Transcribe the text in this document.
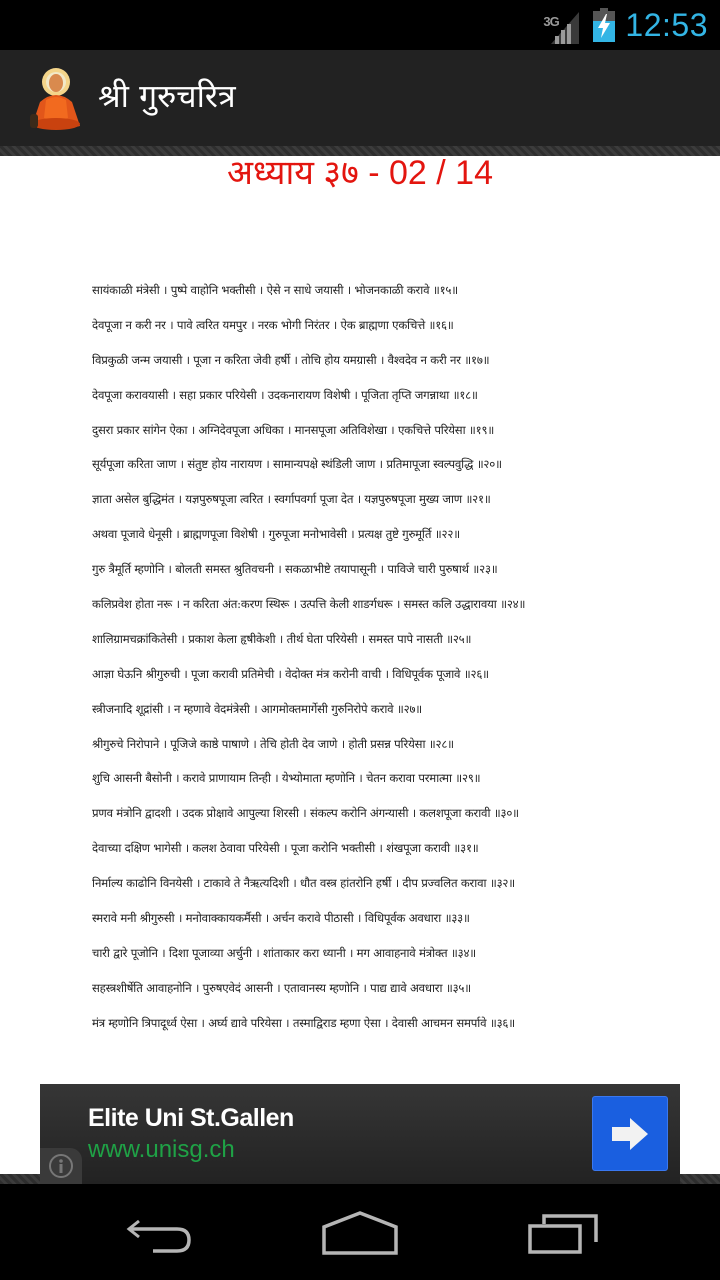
3G 12:53
श्री गुरुचरित्र
अध्याय ३७ - 02 / 14
सायंकाळी मंत्रेसी । पुष्पे वाहोनि भक्तीसी । ऐसे न साधे जयासी । भोजनकाळी करावे ॥१५॥
देवपूजा न करी नर । पावे त्वरित यमपुर । नरक भोगी निरंतर । ऐक ब्राह्मणा एकचित्ते ॥१६॥
विप्रकुळी जन्म जयासी । पूजा न करिता जेवी हर्षी । तोचि होय यमग्रासी । वैश्वदेव न करी नर ॥१७॥
देवपूजा करावयासी । सहा प्रकार परियेसी । उदकनारायण विशेषी । पूजिता तृप्ति जगन्नाथा ॥१८॥
दुसरा प्रकार सांगेन ऐका । अग्निदेवपूजा अधिका । मानसपूजा अतिविशेखा । एकचित्ते परियेसा ॥१९॥
सूर्यपूजा करिता जाण । संतुष्ट होय नारायण । सामान्यपक्षे स्थंडिली जाण । प्रतिमापूजा स्वल्पवुद्धि ॥२०॥
ज्ञाता असेल बुद्धिमंत । यज्ञपुरुषपूजा त्वरित । स्वर्गापवर्गा पूजा देत । यज्ञपुरुषपूजा मुख्य जाण ॥२१॥
अथवा पूजावे धेनूसी । ब्राह्मणपूजा विशेषी । गुरुपूजा मनोभावेसी । प्रत्यक्ष तुष्टे गुरुमूर्ति ॥२२॥
गुरु त्रैमूर्ति म्हणोनि । बोलती समस्त श्रुतिवचनी । सकळाभीष्टे तयापासूनी । पाविजे चारी पुरुषार्थ ॥२३॥
कलिप्रवेश होता नरू । न करिता अंत:करण स्थिरू । उत्पत्ति केली शाङर्गधरू । समस्त कलि उद्धारावया ॥२४॥
शालिग्रामचक्रांकितेसी । प्रकाश केला हृषीकेशी । तीर्थ घेता परियेसी । समस्त पापे नासती ॥२५॥
आज्ञा घेऊनि श्रीगुरुची । पूजा करावी प्रतिमेची । वेदोक्त मंत्र करोनी वाची । विधिपूर्वक पूजावे ॥२६॥
स्त्रीजनादि शूद्रांसी । न म्हणावे वेदमंत्रेसी । आगमोक्तमार्गेसी गुरुनिरोपे करावे ॥२७॥
श्रीगुरुचे निरोपाने । पूजिजे काष्ठे पाषाणे । तेचि होती देव जाणे । होती प्रसन्न परियेसा ॥२८॥
शुचि आसनी बैसोनी । करावे प्राणायाम तिन्ही । येभ्योमाता म्हणोनि । चेतन करावा परमात्मा ॥२९॥
प्रणव मंत्रोनि द्वादशी । उदक प्रोक्षावे आपुल्या शिरसी । संकल्प करोनि अंगन्यासी । कलशपूजा करावी ॥३०॥
देवाच्या दक्षिण भागेसी । कलश ठेवावा परियेसी । पूजा करोनि भक्तीसी । शंखपूजा करावी ॥३१॥
निर्माल्य काढोनि विनयेसी । टाकावे ते नैऋत्यदिशी । धौत वस्त्र हांतरोनि हर्षी । दीप प्रज्वलित करावा ॥३२॥
स्मरावे मनी श्रीगुरुसी । मनोवाक्कायकर्मैसी । अर्चन करावे पीठासी । विधिपूर्वक अवधारा ॥३३॥
चारी द्वारे पूजोनि । दिशा पूजाव्या अर्चुनी । शांताकार करा ध्यानी । मग आवाहनावे मंत्रोक्त ॥३४॥
सहस्त्रशीर्षेति आवाहनोनि । पुरुषएवेदं आसनी । एतावानस्य म्हणोनि । पाद्य द्यावे अवधारा ॥३५॥
मंत्र म्हणोनि त्रिपादूर्ध्व ऐसा । अर्घ्य द्यावे परियेसा । तस्माद्विराड म्हणा ऐसा । देवासी आचमन समर्पावे ॥३६॥
Elite Uni St.Gallen
www.unisg.ch
